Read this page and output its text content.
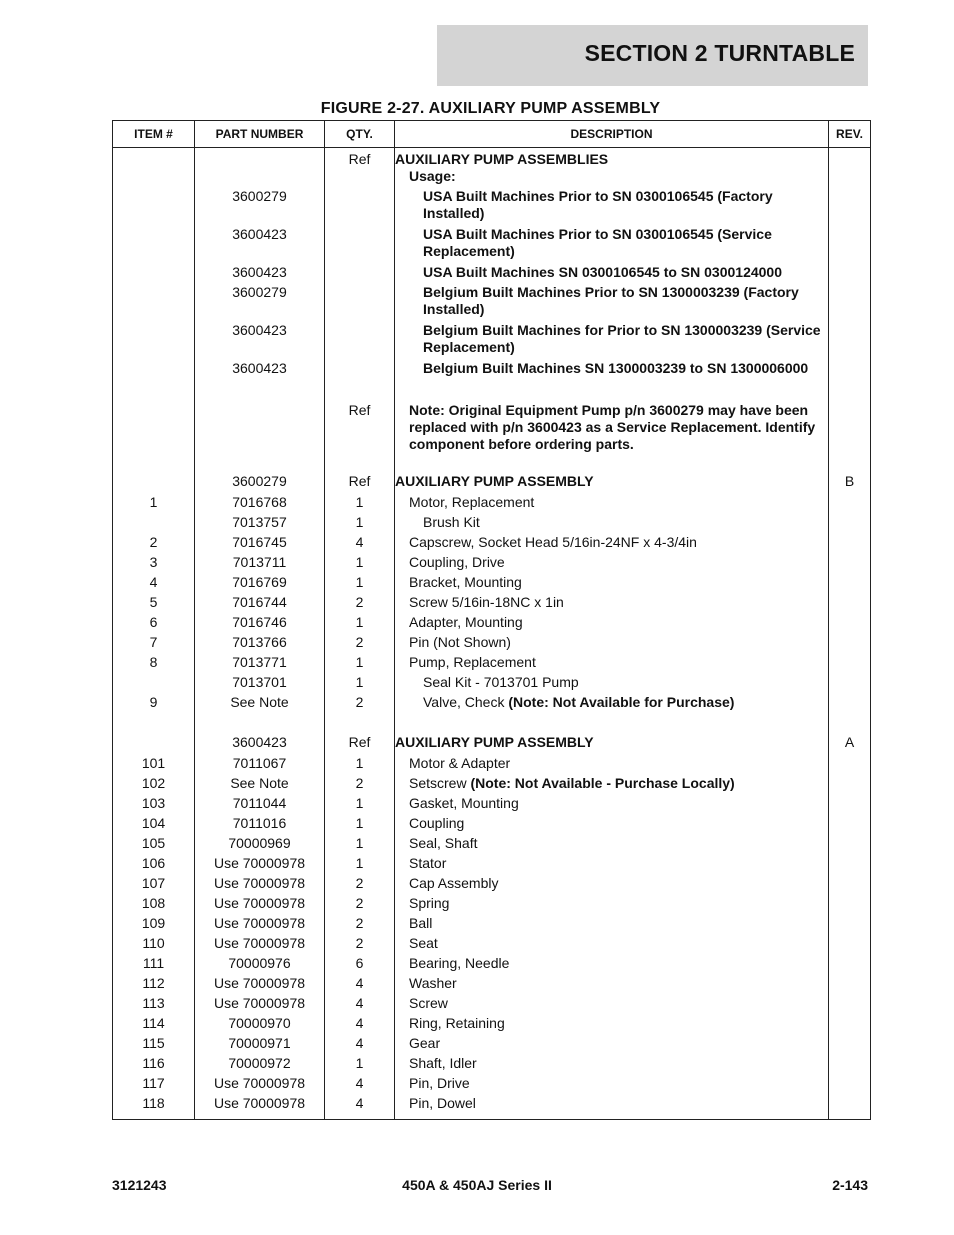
SECTION 2 TURNTABLE
FIGURE 2-27. AUXILIARY PUMP ASSEMBLY
ITEM #	PART NUMBER	QTY.	DESCRIPTION	REV.
		Ref	AUXILIARY PUMP ASSEMBLIES	

			Usage:	

	3600279		USA Built Machines Prior to SN 0300106545 (Factory Installed)	

	3600423		USA Built Machines Prior to SN 0300106545 (Service Replacement)	

	3600423		USA Built Machines SN 0300106545 to SN 0300124000	

	3600279		Belgium Built Machines Prior to SN 1300003239 (Factory Installed)	

	3600423		Belgium Built Machines for Prior to SN 1300003239 (Service Replacement)	

	3600423		Belgium Built Machines SN 1300003239 to SN 1300006000	

		Ref	Note: Original Equipment Pump p/n 3600279 may have been replaced with p/n 3600423 as a Service Replacement. Identify component before ordering parts.	

	3600279	Ref	AUXILIARY PUMP ASSEMBLY	B
1	7016768	1	Motor, Replacement	

	7013757	1	Brush Kit	

2	7016745	4	Capscrew, Socket Head 5/16in-24NF x 4-3/4in	

3	7013711	1	Coupling, Drive	

4	7016769	1	Bracket, Mounting	

5	7016744	2	Screw 5/16in-18NC x 1in	

6	7016746	1	Adapter, Mounting	

7	7013766	2	Pin (Not Shown)	

8	7013771	1	Pump, Replacement	

	7013701	1	Seal Kit - 7013701 Pump	

9	See Note	2	Valve, Check (Note: Not Available for Purchase)	

	3600423	Ref	AUXILIARY PUMP ASSEMBLY	A
101	7011067	1	Motor & Adapter	

102	See Note	2	Setscrew (Note: Not Available - Purchase Locally)	

103	7011044	1	Gasket, Mounting	

104	7011016	1	Coupling	

105	70000969	1	Seal, Shaft	

106	Use 70000978	1	Stator	

107	Use 70000978	2	Cap Assembly	

108	Use 70000978	2	Spring	

109	Use 70000978	2	Ball	

110	Use 70000978	2	Seat	

111	70000976	6	Bearing, Needle	

112	Use 70000978	4	Washer	

113	Use 70000978	4	Screw	

114	70000970	4	Ring, Retaining	

115	70000971	4	Gear	

116	70000972	1	Shaft, Idler	

117	Use 70000978	4	Pin, Drive	

118	Use 70000978	4	Pin, Dowel	

3121243	450A & 450AJ Series II	2-143
